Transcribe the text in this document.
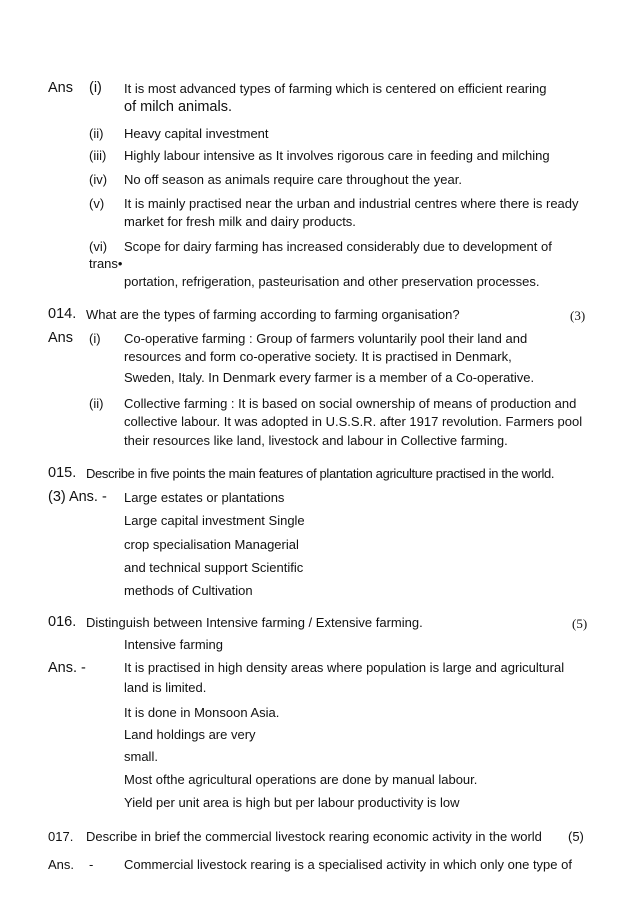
Ans (i) It is most advanced types of farming which is centered on efficient rearing
of milch animals.
(ii) Heavy capital investment
(iii) Highly labour intensive as It involves rigorous care in feeding and milching
(iv) No off season as animals require care throughout the year.
(v) It is mainly practised near the urban and industrial centres where there is ready
market for fresh milk and dairy products.
(vi) Scope for dairy farming has increased considerably due to development of
trans•
portation, refrigeration, pasteurisation and other preservation processes.
014. What are the types of farming according to farming organisation?	(3)
Ans (i) Co-operative farming : Group of farmers voluntarily pool their land and
resources and form co-operative society. It is practised in Denmark,
Sweden, Italy. In Denmark every farmer is a member of a Co-operative.
(ii) Collective farming : It is based on social ownership of means of production and
collective labour. It was adopted in U.S.S.R. after 1917 revolution. Farmers pool
their resources like land, livestock and labour in Collective farming.
015. Describe in five points the main features of plantation agriculture practised in the world.
(3) Ans. - Large estates or plantations
Large capital investment Single
crop specialisation Managerial
and technical support Scientific
methods of Cultivation
016. Distinguish between Intensive farming / Extensive farming.	(5)
Intensive farming
Ans. -	It is practised in high density areas where population is large and agricultural
land is limited.
It is done in Monsoon Asia.
Land holdings are very
small.
Most ofthe agricultural operations are done by manual labour.
Yield per unit area is high but per labour productivity is low
017. Describe in brief the commercial livestock rearing economic activity in the world (5)
Ans. - Commercial livestock rearing is a specialised activity in which only one type of
